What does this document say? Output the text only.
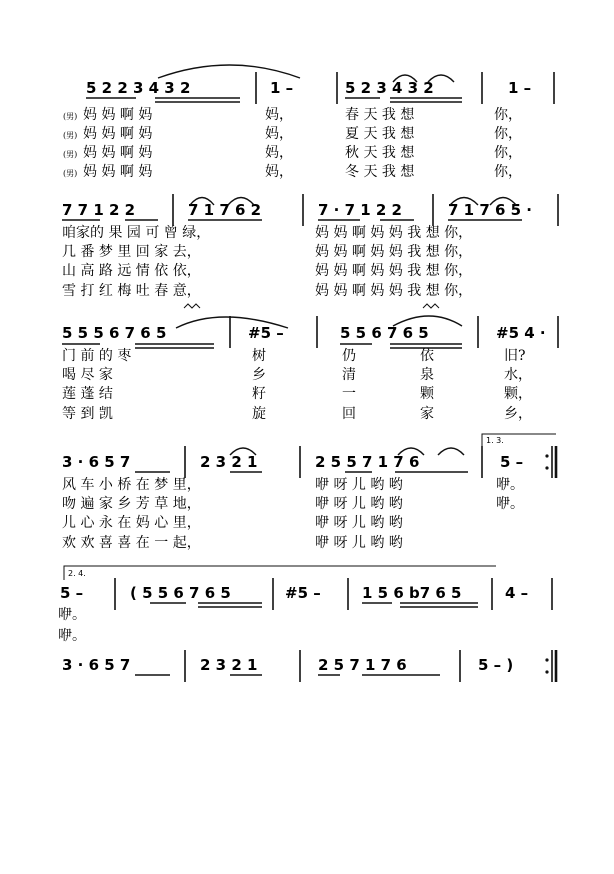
5 2 2 3 4 3 2	1 –	5 2 3 4 3 2	1 –
(男) 妈 妈 啊 妈	妈，	春 天 我 想	你，
(男) 妈 妈 啊 妈	妈，	夏 天 我 想	你，
(男) 妈 妈 啊 妈	妈，	秋 天 我 想	你，
(男) 妈 妈 啊 妈	妈，	冬 天 我 想	你，
7 7 1 2 2	7 1 7 6 2	7 · 7 1 2 2	7 1 7 6 5 ·
咱家的 果 园 可 曾 绿，	妈 妈 啊 妈 妈 我 想 你，
几 番 梦 里 回 家 去，	妈 妈 啊 妈 妈 我 想 你，
山 高 路 远 情 依 依，	妈 妈 啊 妈 妈 我 想 你，
雪 打 红 梅 吐 春 意，	妈 妈 啊 妈 妈 我 想 你，
5 5 5 6 7 6 5	#5 –	5 5 6 7 6 5	#5 4 ·
门 前 的 枣	树	仍	依	旧?
喝 尽 家	乡	清	泉	水，
莲 蓬 结	籽	一	颗	颗，
等 到 凯	旋	回	家	乡，
1. 3.
3 · 6 5 7	2 3 2 1	2 5 5 7 1 7 6	5 –
风 车 小 桥 在 梦 里，	咿 呀 儿 哟 哟	咿。
吻 遍 家 乡 芳 草 地，	咿 呀 儿 哟 哟	咿。
儿 心 永 在 妈 心 里，	咿 呀 儿 哟 哟
欢 欢 喜 喜 在 一 起，	咿 呀 儿 哟 哟
2. 4.
5 –	( 5 5 6 7 6 5	#5 –	1 5 6 b7 6 5	4 –
咿。
咿。
3 · 6 5 7	2 3 2 1	2 5 7 1 7 6	5 – )
